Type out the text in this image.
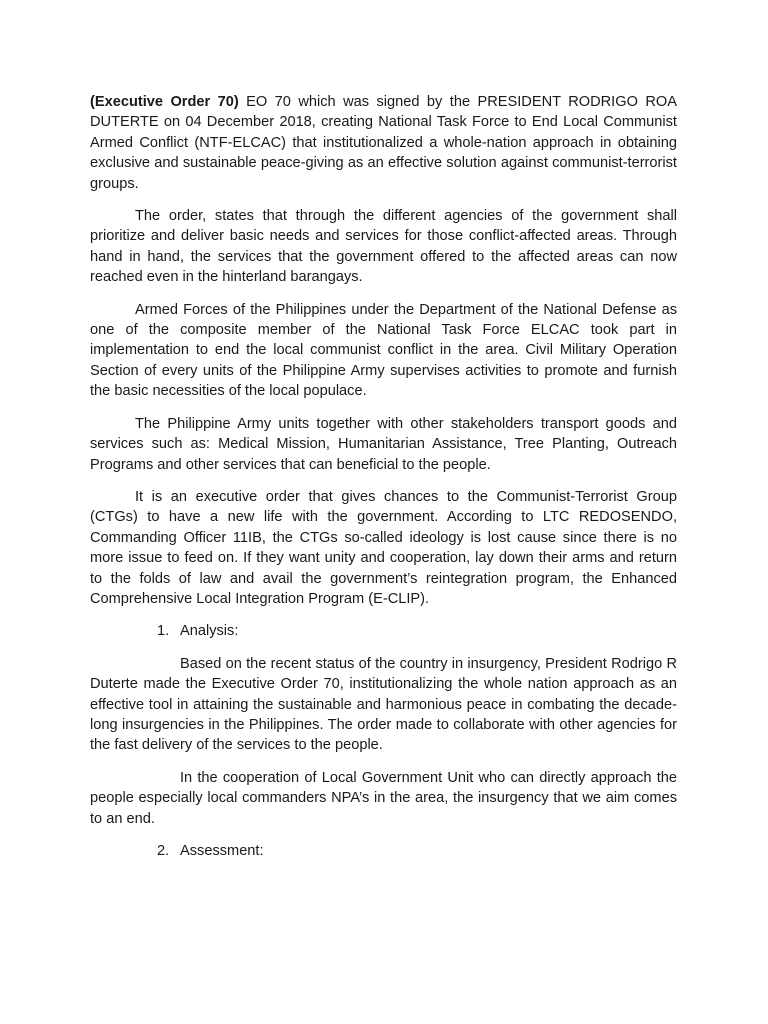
(Executive Order 70) EO 70 which was signed by the PRESIDENT RODRIGO ROA DUTERTE on 04 December 2018, creating National Task Force to End Local Communist Armed Conflict (NTF-ELCAC) that institutionalized a whole-nation approach in obtaining exclusive and sustainable peace-giving as an effective solution against communist-terrorist groups.

The order, states that through the different agencies of the government shall prioritize and deliver basic needs and services for those conflict-affected areas. Through hand in hand, the services that the government offered to the affected areas can now reached even in the hinterland barangays.

Armed Forces of the Philippines under the Department of the National Defense as one of the composite member of the National Task Force ELCAC took part in implementation to end the local communist conflict in the area. Civil Military Operation Section of every units of the Philippine Army supervises activities to promote and furnish the basic necessities of the local populace.

The Philippine Army units together with other stakeholders transport goods and services such as: Medical Mission, Humanitarian Assistance, Tree Planting, Outreach Programs and other services that can beneficial to the people.

It is an executive order that gives chances to the Communist-Terrorist Group (CTGs) to have a new life with the government. According to LTC REDOSENDO, Commanding Officer 11IB, the CTGs so-called ideology is lost cause since there is no more issue to feed on. If they want unity and cooperation, lay down their arms and return to the folds of law and avail the government’s reintegration program, the Enhanced Comprehensive Local Integration Program (E-CLIP).

1. Analysis:

Based on the recent status of the country in insurgency, President Rodrigo R Duterte made the Executive Order 70, institutionalizing the whole nation approach as an effective tool in attaining the sustainable and harmonious peace in combating the decade-long insurgencies in the Philippines. The order made to collaborate with other agencies for the fast delivery of the services to the people.

In the cooperation of Local Government Unit who can directly approach the people especially local commanders NPA’s in the area, the insurgency that we aim comes to an end.

2. Assessment:
